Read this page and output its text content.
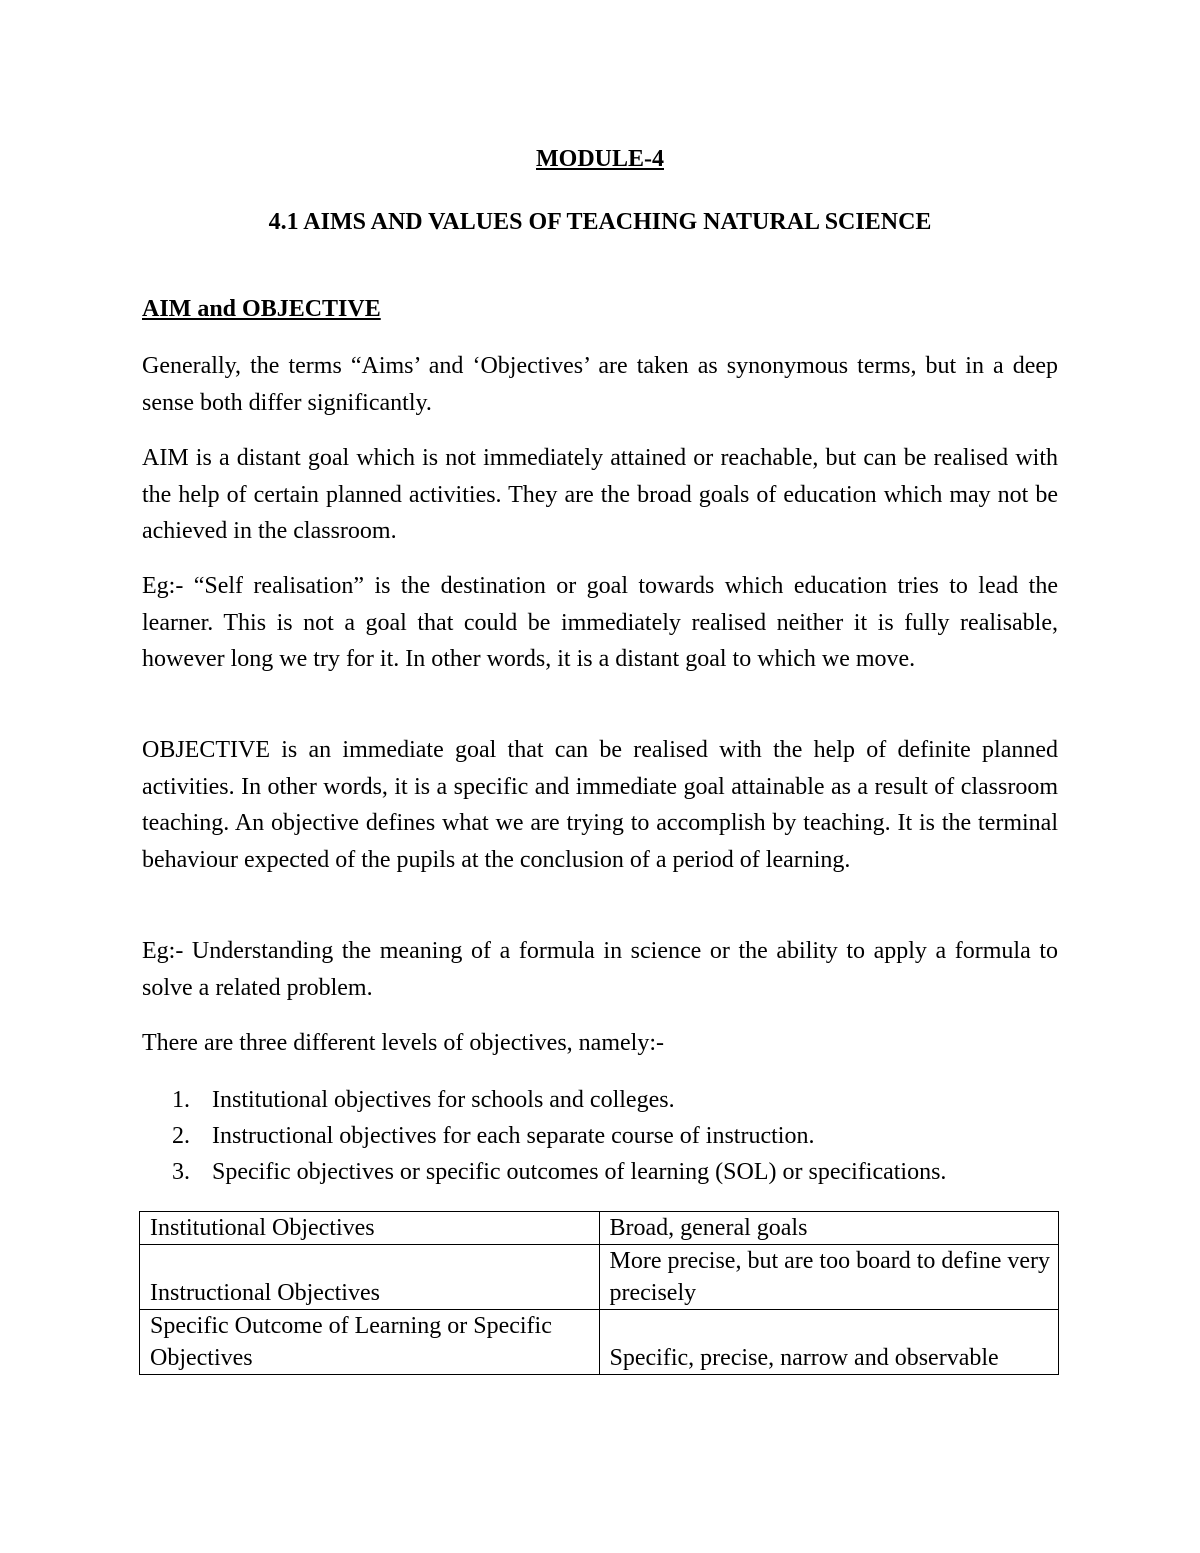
MODULE-4
4.1 AIMS AND VALUES OF TEACHING NATURAL SCIENCE
AIM and OBJECTIVE

Generally, the terms “Aims’ and ‘Objectives’ are taken as synonymous terms, but in a deep sense both differ significantly.

AIM is a distant goal which is not immediately attained or reachable, but can be realised with the help of certain planned activities. They are the broad goals of education which may not be achieved in the classroom.

Eg:- “Self realisation” is the destination or goal towards which education tries to lead the learner. This is not a goal that could be immediately realised neither it is fully realisable, however long we try for it. In other words, it is a distant goal to which we move.

OBJECTIVE is an immediate goal that can be realised with the help of definite planned activities. In other words, it is a specific and immediate goal attainable as a result of classroom teaching. An objective defines what we are trying to accomplish by teaching. It is the terminal behaviour expected of the pupils at the conclusion of a period of learning.

Eg:- Understanding the meaning of a formula in science or the ability to apply a formula to solve a related problem.

There are three different levels of objectives, namely:-

1. Institutional objectives for schools and colleges.
2. Instructional objectives for each separate course of instruction.
3. Specific objectives or specific outcomes of learning (SOL) or specifications.
Institutional Objectives	Broad, general goals
Instructional Objectives	More precise, but are too board to define very precisely
Specific Outcome of Learning or Specific Objectives	Specific, precise, narrow and observable
